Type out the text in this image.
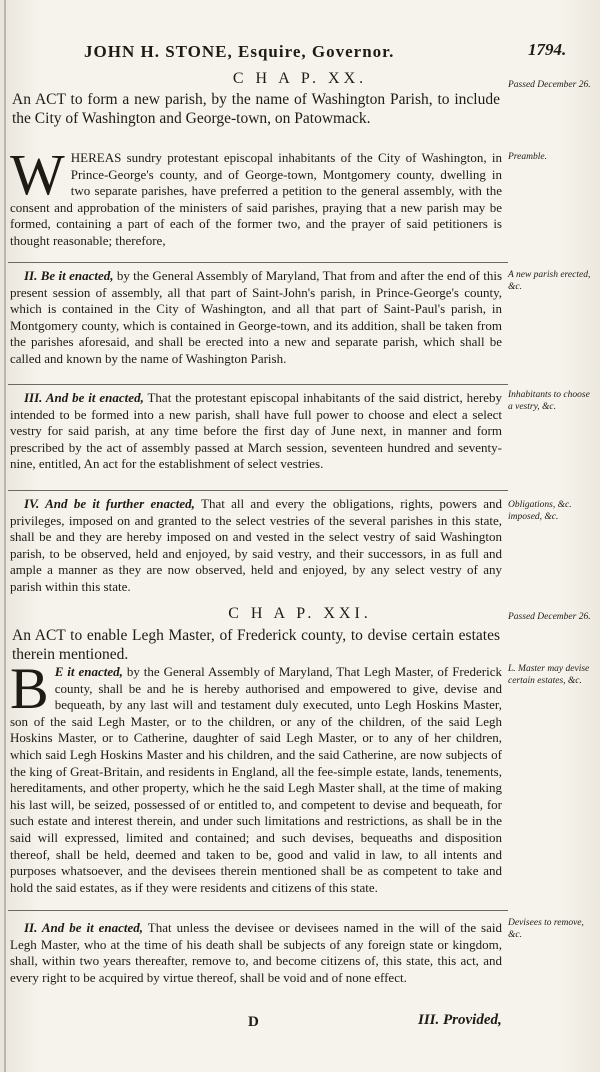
JOHN H. STONE, Esquire, Governor.	1794.
C H A P. XX.
An ACT to form a new parish, by the name of Washington Parish, to include the City of Washington and George-town, on Patowmack.
Passed December 26.
WHEREAS sundry protestant episcopal inhabitants of the City of Washington, in Prince-George's county, and of George-town, Montgomery county, dwelling in two separate parishes, have preferred a petition to the general assembly, with the consent and approbation of the ministers of said parishes, praying that a new parish may be formed, containing a part of each of the former two, and the prayer of said petitioners is thought reasonable; therefore,
Preamble.
II. Be it enacted, by the General Assembly of Maryland, That from and after the end of this present session of assembly, all that part of Saint-John's parish, in Prince-George's county, which is contained in the City of Washington, and all that part of Saint-Paul's parish, in Montgomery county, which is contained in George-town, and its addition, shall be taken from the parishes aforesaid, and shall be erected into a new and separate parish, which shall be called and known by the name of Washington Parish.
A new parish erected, &c.
III. And be it enacted, That the protestant episcopal inhabitants of the said district, hereby intended to be formed into a new parish, shall have full power to choose and elect a select vestry for said parish, at any time before the first day of June next, in manner and form prescribed by the act of assembly passed at March session, seventeen hundred and seventy-nine, entitled, An act for the establishment of select vestries.
Inhabitants to choose a vestry, &c.
IV. And be it further enacted, That all and every the obligations, rights, powers and privileges, imposed on and granted to the select vestries of the several parishes in this state, shall be and they are hereby imposed on and vested in the select vestry of said Washington parish, to be observed, held and enjoyed, by said vestry, and their successors, in as full and ample a manner as they are now observed, held and enjoyed, by any select vestry of any parish within this state.
Obligations, &c. imposed, &c.
C H A P. XXI.
An ACT to enable Legh Master, of Frederick county, to devise certain estates therein mentioned.
Passed December 26.
B E it enacted, by the General Assembly of Maryland, That Legh Master, of Frederick county, shall be and he is hereby authorised and empowered to give, devise and bequeath, by any last will and testament duly executed, unto Legh Hoskins Master, son of the said Legh Master, or to the children, or any of the children, of the said Legh Hoskins Master, or to Catherine, daughter of said Legh Master, or to any of her children, which said Legh Hoskins Master and his children, and the said Catherine, are now subjects of the king of Great-Britain, and residents in England, all the fee-simple estate, lands, tenements, hereditaments, and other property, which he the said Legh Master shall, at the time of making his last will, be seized, possessed of or entitled to, and competent to devise and bequeath, for such estate and interest therein, and under such limitations and restrictions, as shall be in the said will expressed, limited and contained; and such devises, bequeaths and disposition thereof, shall be held, deemed and taken to be, good and valid in law, to all intents and purposes whatsoever, and the devisees therein mentioned shall be as competent to take and hold the said estates, as if they were residents and citizens of this state.
L. Master may devise certain estates, &c.
II. And be it enacted, That unless the devisee or devisees named in the will of the said Legh Master, who at the time of his death shall be subjects of any foreign state or kingdom, shall, within two years thereafter, remove to, and become citizens of, this state, this act, and every right to be acquired by virtue thereof, shall be void and of none effect.
Devisees to remove, &c.
D	III. Provided,
